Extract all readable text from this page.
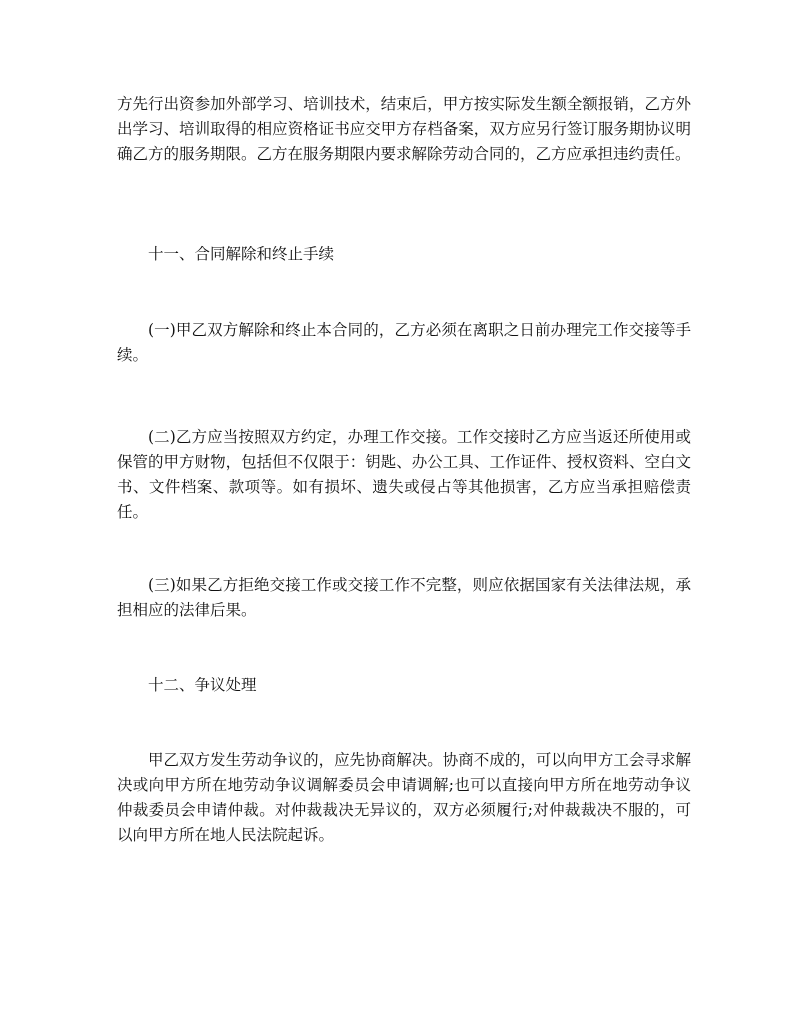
方先行出资参加外部学习、培训技术，结束后，甲方按实际发生额全额报销，乙方外出学习、培训取得的相应资格证书应交甲方存档备案，双方应另行签订服务期协议明确乙方的服务期限。乙方在服务期限内要求解除劳动合同的，乙方应承担违约责任。

十一、合同解除和终止手续

(一)甲乙双方解除和终止本合同的，乙方必须在离职之日前办理完工作交接等手续。

(二)乙方应当按照双方约定，办理工作交接。工作交接时乙方应当返还所使用或保管的甲方财物，包括但不仅限于：钥匙、办公工具、工作证件、授权资料、空白文书、文件档案、款项等。如有损坏、遗失或侵占等其他损害，乙方应当承担赔偿责任。

(三)如果乙方拒绝交接工作或交接工作不完整，则应依据国家有关法律法规，承担相应的法律后果。

十二、争议处理

甲乙双方发生劳动争议的，应先协商解决。协商不成的，可以向甲方工会寻求解决或向甲方所在地劳动争议调解委员会申请调解;也可以直接向甲方所在地劳动争议仲裁委员会申请仲裁。对仲裁裁决无异议的，双方必须履行;对仲裁裁决不服的，可以向甲方所在地人民法院起诉。
